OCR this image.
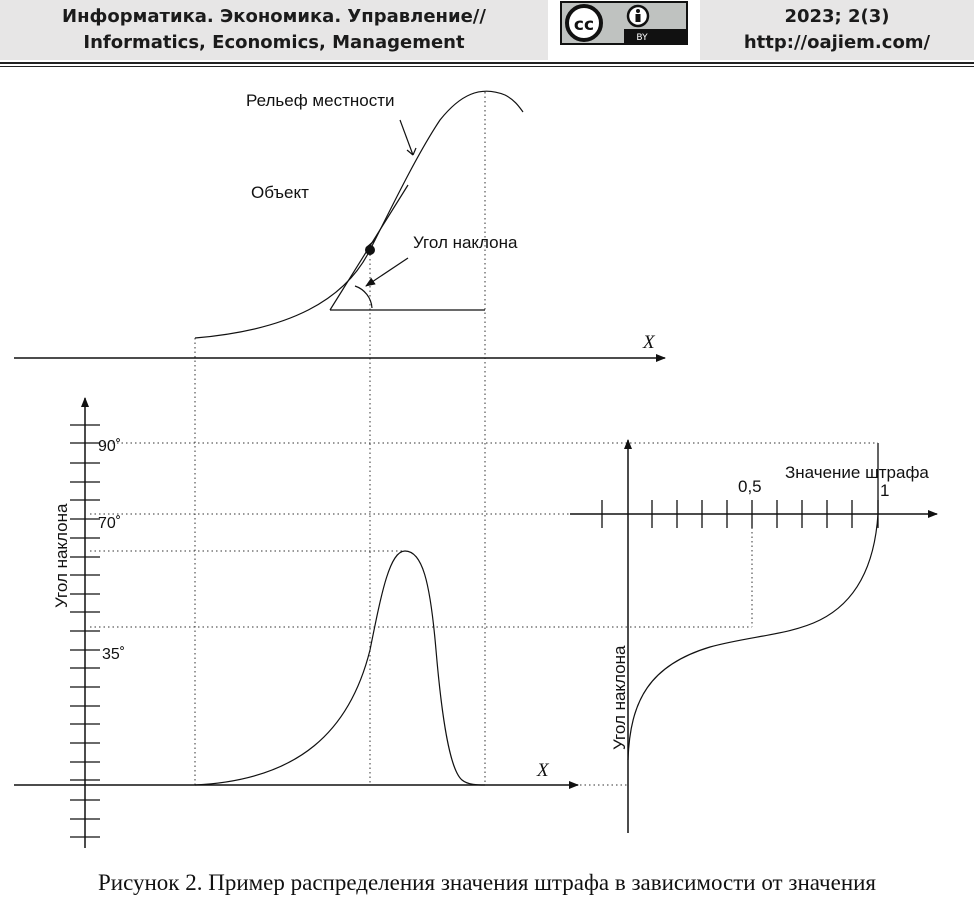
Информатика. Экономика. Управление//
Informatics, Economics, Management
cc
BY
2023; 2(3)
http://oajiem.com/
Рельеф местности
Объект
Угол наклона
X
90˚
70˚
35˚
Угол наклона
X
0,5	1
Значение штрафа
Угол наклона
Рисунок 2. Пример распределения значения штрафа в зависимости от значения
